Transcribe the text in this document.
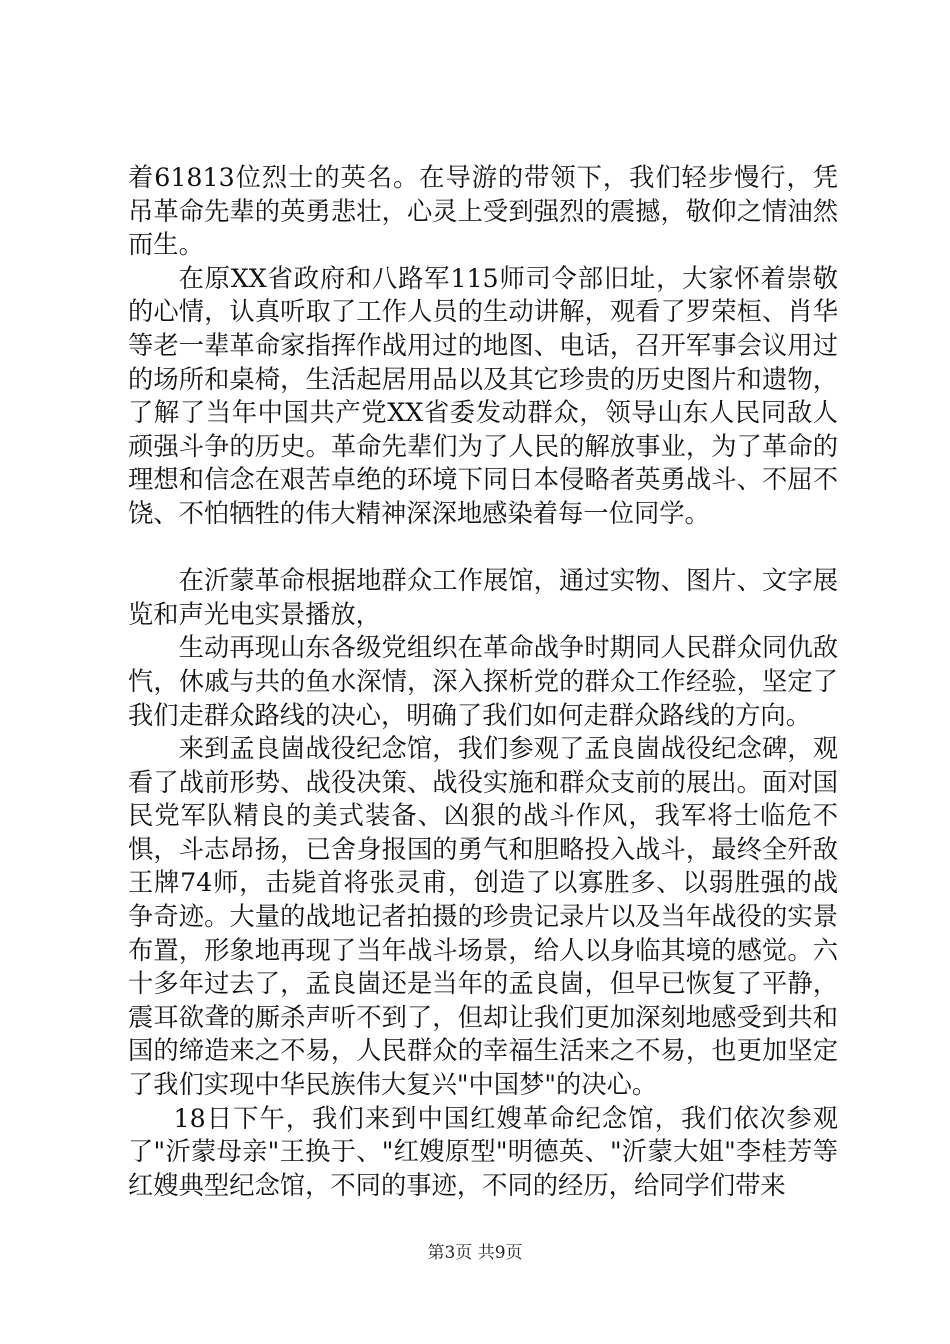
着61813位烈士的英名。在导游的带领下，我们轻步慢行，凭吊革命先辈的英勇悲壮，心灵上受到强烈的震撼，敬仰之情油然而生。

在原XX省政府和八路军115师司令部旧址，大家怀着崇敬的心情，认真听取了工作人员的生动讲解，观看了罗荣桓、肖华等老一辈革命家指挥作战用过的地图、电话，召开军事会议用过的场所和桌椅，生活起居用品以及其它珍贵的历史图片和遗物，了解了当年中国共产党XX省委发动群众，领导山东人民同敌人顽强斗争的历史。革命先辈们为了人民的解放事业，为了革命的理想和信念在艰苦卓绝的环境下同日本侵略者英勇战斗、不屈不饶、不怕牺牲的伟大精神深深地感染着每一位同学。

在沂蒙革命根据地群众工作展馆，通过实物、图片、文字展览和声光电实景播放，

生动再现山东各级党组织在革命战争时期同人民群众同仇敌忾，休戚与共的鱼水深情，深入探析党的群众工作经验，坚定了我们走群众路线的决心，明确了我们如何走群众路线的方向。

来到孟良崮战役纪念馆，我们参观了孟良崮战役纪念碑，观看了战前形势、战役决策、战役实施和群众支前的展出。面对国民党军队精良的美式装备、凶狠的战斗作风，我军将士临危不惧，斗志昂扬，已舍身报国的勇气和胆略投入战斗，最终全歼敌王牌74师，击毙首将张灵甫，创造了以寡胜多、以弱胜强的战争奇迹。大量的战地记者拍摄的珍贵记录片以及当年战役的实景布置，形象地再现了当年战斗场景，给人以身临其境的感觉。六十多年过去了，孟良崮还是当年的孟良崮，但早已恢复了平静，震耳欲聋的厮杀声听不到了，但却让我们更加深刻地感受到共和国的缔造来之不易，人民群众的幸福生活来之不易，也更加坚定了我们实现中华民族伟大复兴"中国梦"的决心。

18日下午，我们来到中国红嫂革命纪念馆，我们依次参观了"沂蒙母亲"王换于、"红嫂原型"明德英、"沂蒙大姐"李桂芳等红嫂典型纪念馆，不同的事迹，不同的经历，给同学们带来

第3页 共9页
